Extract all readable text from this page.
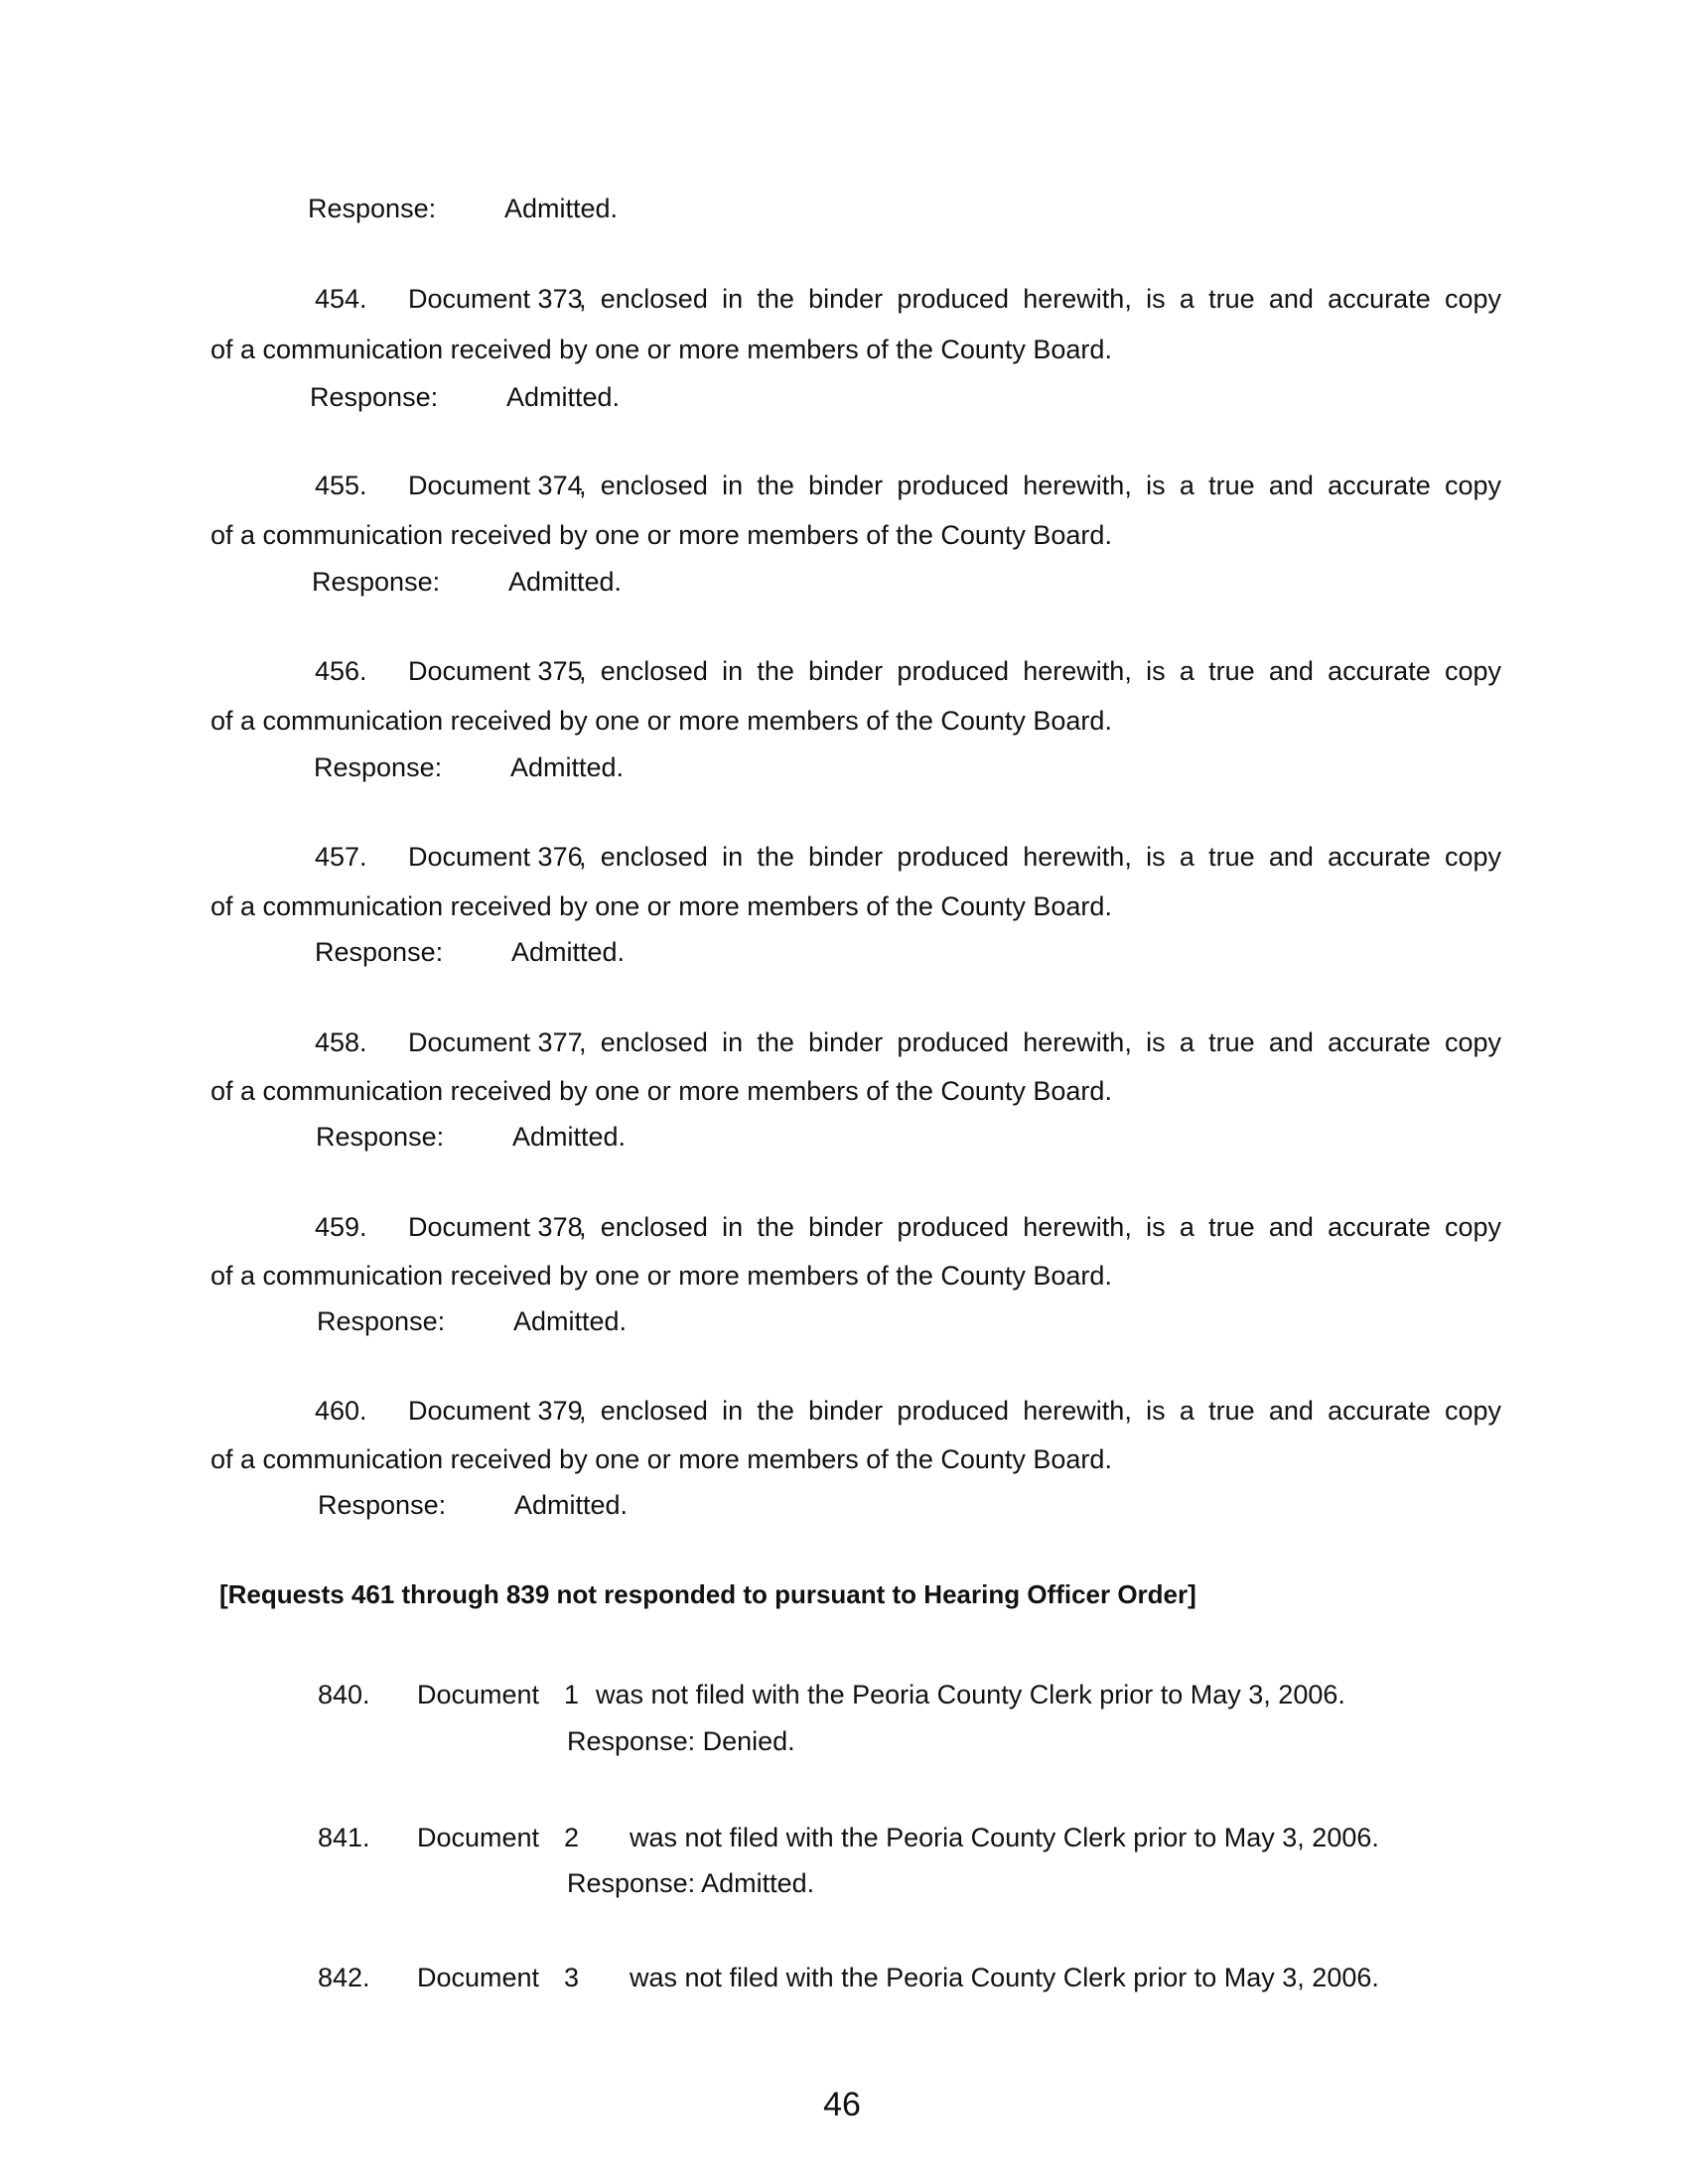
Response:	Admitted.
454.	Document 373
, enclosed in the binder produced herewith, is a true and accurate copy
of a communication received by one or more members of the County Board.
Response:	Admitted.
455.	Document 374
, enclosed in the binder produced herewith, is a true and accurate copy
of a communication received by one or more members of the County Board.
Response:	Admitted.
456.	Document 375
, enclosed in the binder produced herewith, is a true and accurate copy
of a communication received by one or more members of the County Board.
Response:	Admitted.
457.	Document 376
, enclosed in the binder produced herewith, is a true and accurate copy
of a communication received by one or more members of the County Board.
Response:	Admitted.
458.	Document 377
, enclosed in the binder produced herewith, is a true and accurate copy
of a communication received by one or more members of the County Board.
Response:	Admitted.
459.	Document 378
, enclosed in the binder produced herewith, is a true and accurate copy
of a communication received by one or more members of the County Board.
Response:	Admitted.
460.	Document 379
, enclosed in the binder produced herewith, is a true and accurate copy
of a communication received by one or more members of the County Board.
Response:	Admitted.
[Requests 461 through 839 not responded to pursuant to Hearing Officer Order]
840. Document 1 was not filed with the Peoria County Clerk prior to May 3, 2006.
Response: Denied.
841. Document 2 was not filed with the Peoria County Clerk prior to May 3, 2006.
Response: Admitted.
842. Document 3 was not filed with the Peoria County Clerk prior to May 3, 2006.
46
